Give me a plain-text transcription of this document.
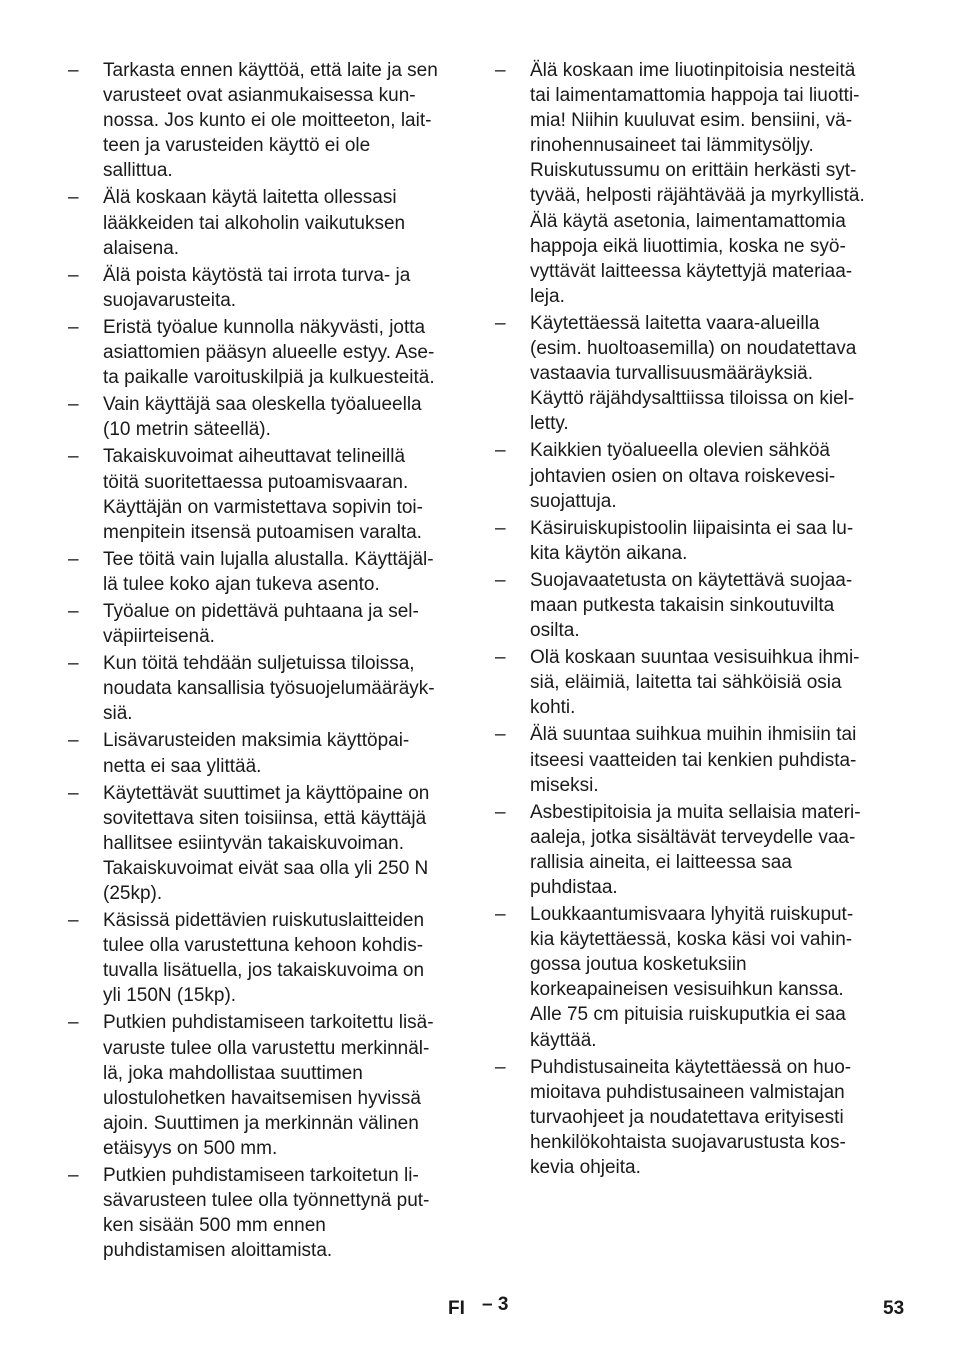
–	Tarkasta ennen käyttöä, että laite ja sen
varusteet ovat asianmukaisessa kun-
nossa. Jos kunto ei ole moitteeton, lait-
teen ja varusteiden käyttö ei ole
sallittua.
–	Älä koskaan käytä laitetta ollessasi
lääkkeiden tai alkoholin vaikutuksen
alaisena.
–	Älä poista käytöstä tai irrota turva- ja
suojavarusteita.
–	Eristä työalue kunnolla näkyvästi, jotta
asiattomien pääsyn alueelle estyy. Ase-
ta paikalle varoituskilpiä ja kulkuesteitä.
–	Vain käyttäjä saa oleskella työalueella
(10 metrin säteellä).
–	Takaiskuvoimat aiheuttavat telineillä
töitä suoritettaessa putoamisvaaran.
Käyttäjän on varmistettava sopivin toi-
menpitein itsensä putoamisen varalta.
–	Tee töitä vain lujalla alustalla. Käyttäjäl-
lä tulee koko ajan tukeva asento.
–	Työalue on pidettävä puhtaana ja sel-
väpiirteisenä.
–	Kun töitä tehdään suljetuissa tiloissa,
noudata kansallisia työsuojelumääräyk-
siä.
–	Lisävarusteiden maksimia käyttöpai-
netta ei saa ylittää.
–	Käytettävät suuttimet ja käyttöpaine on
sovitettava siten toisiinsa, että käyttäjä
hallitsee esiintyvän takaiskuvoiman.
Takaiskuvoimat eivät saa olla yli 250 N
(25kp).
–	Käsissä pidettävien ruiskutuslaitteiden
tulee olla varustettuna kehoon kohdis-
tuvalla lisätuella, jos takaiskuvoima on
yli 150N (15kp).
–	Putkien puhdistamiseen tarkoitettu lisä-
varuste tulee olla varustettu merkinnäl-
lä, joka mahdollistaa suuttimen
ulostulohetken havaitsemisen hyvissä
ajoin. Suuttimen ja merkinnän välinen
etäisyys on 500 mm.
–	Putkien puhdistamiseen tarkoitetun li-
sävarusteen tulee olla työnnettynä put-
ken sisään 500 mm ennen
puhdistamisen aloittamista.
–	Älä koskaan ime liuotinpitoisia nesteitä
tai laimentamattomia happoja tai liuotti-
mia! Niihin kuuluvat esim. bensiini, vä-
rinohennusaineet tai lämmitysöljy.
Ruiskutussumu on erittäin herkästi syt-
tyvää, helposti räjähtävää ja myrkyllistä.
Älä käytä asetonia, laimentamattomia
happoja eikä liuottimia, koska ne syö-
vyttävät laitteessa käytettyjä materiaa-
leja.
–	Käytettäessä laitetta vaara-alueilla
(esim. huoltoasemilla) on noudatettava
vastaavia turvallisuusmääräyksiä.
Käyttö räjähdysalttiissa tiloissa on kiel-
letty.
–	Kaikkien työalueella olevien sähköä
johtavien osien on oltava roiskevesi-
suojattuja.
–	Käsiruiskupistoolin liipaisinta ei saa lu-
kita käytön aikana.
–	Suojavaatetusta on käytettävä suojaa-
maan putkesta takaisin sinkoutuvilta
osilta.
–	Olä koskaan suuntaa vesisuihkua ihmi-
siä, eläimiä, laitetta tai sähköisiä osia
kohti.
–	Älä suuntaa suihkua muihin ihmisiin tai
itseesi vaatteiden tai kenkien puhdista-
miseksi.
–	Asbestipitoisia ja muita sellaisia materi-
aaleja, jotka sisältävät terveydelle vaa-
rallisia aineita, ei laitteessa saa
puhdistaa.
–	Loukkaantumisvaara lyhyitä ruiskuput-
kia käytettäessä, koska käsi voi vahin-
gossa joutua kosketuksiin
korkeapaineisen vesisuihkun kanssa.
Alle 75 cm pituisia ruiskuputkia ei saa
käyttää.
–	Puhdistusaineita käytettäessä on huo-
mioitava puhdistusaineen valmistajan
turvaohjeet ja noudatettava erityisesti
henkilökohtaista suojavarustusta kos-
kevia ohjeita.
FI – 3	53
